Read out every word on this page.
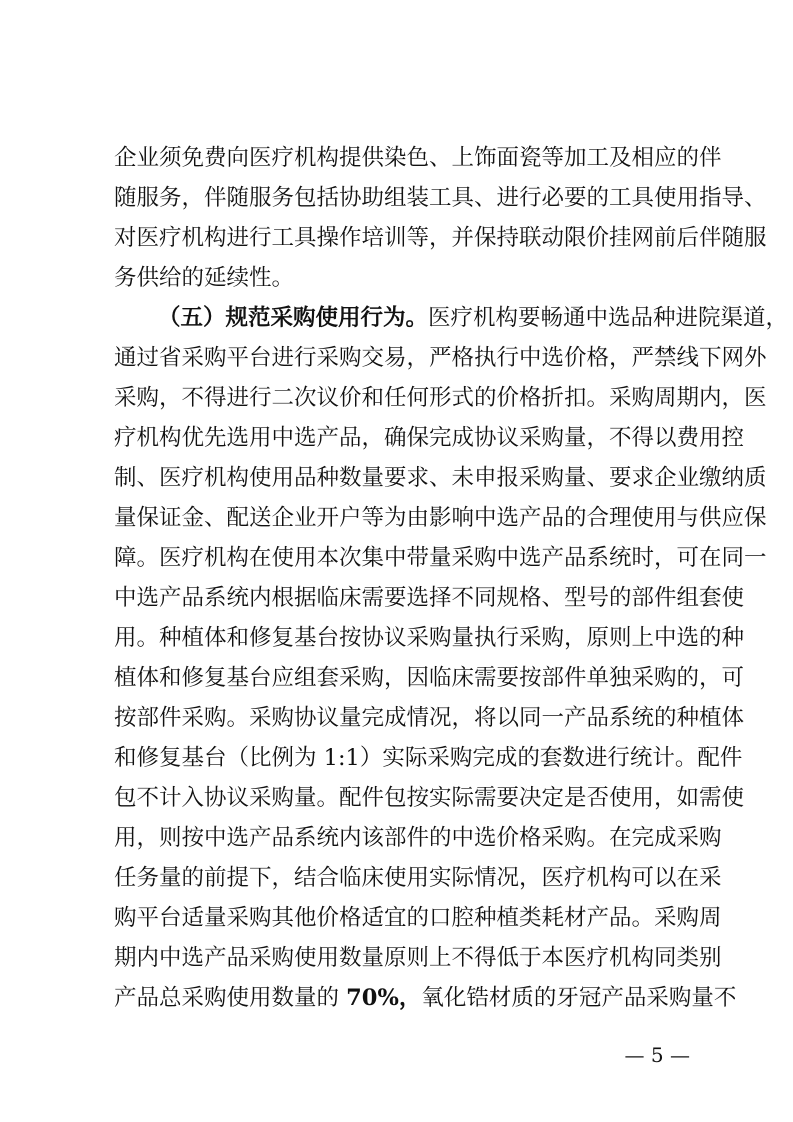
企业须免费向医疗机构提供染色、上饰面瓷等加工及相应的伴
随服务，伴随服务包括协助组装工具、进行必要的工具使用指导、
对医疗机构进行工具操作培训等，并保持联动限价挂网前后伴随服
务供给的延续性。
（五）规范采购使用行为。医疗机构要畅通中选品种进院渠道，
通过省采购平台进行采购交易，严格执行中选价格，严禁线下网外
采购，不得进行二次议价和任何形式的价格折扣。采购周期内，医
疗机构优先选用中选产品，确保完成协议采购量，不得以费用控
制、医疗机构使用品种数量要求、未申报采购量、要求企业缴纳质
量保证金、配送企业开户等为由影响中选产品的合理使用与供应保
障。医疗机构在使用本次集中带量采购中选产品系统时，可在同一
中选产品系统内根据临床需要选择不同规格、型号的部件组套使
用。种植体和修复基台按协议采购量执行采购，原则上中选的种
植体和修复基台应组套采购，因临床需要按部件单独采购的，可
按部件采购。采购协议量完成情况，将以同一产品系统的种植体
和修复基台（比例为 1:1）实际采购完成的套数进行统计。配件
包不计入协议采购量。配件包按实际需要决定是否使用，如需使
用，则按中选产品系统内该部件的中选价格采购。在完成采购
任务量的前提下，结合临床使用实际情况，医疗机构可以在采
购平台适量采购其他价格适宜的口腔种植类耗材产品。采购周
期内中选产品采购使用数量原则上不得低于本医疗机构同类别
产品总采购使用数量的 70%，氧化锆材质的牙冠产品采购量不
— 5 —
